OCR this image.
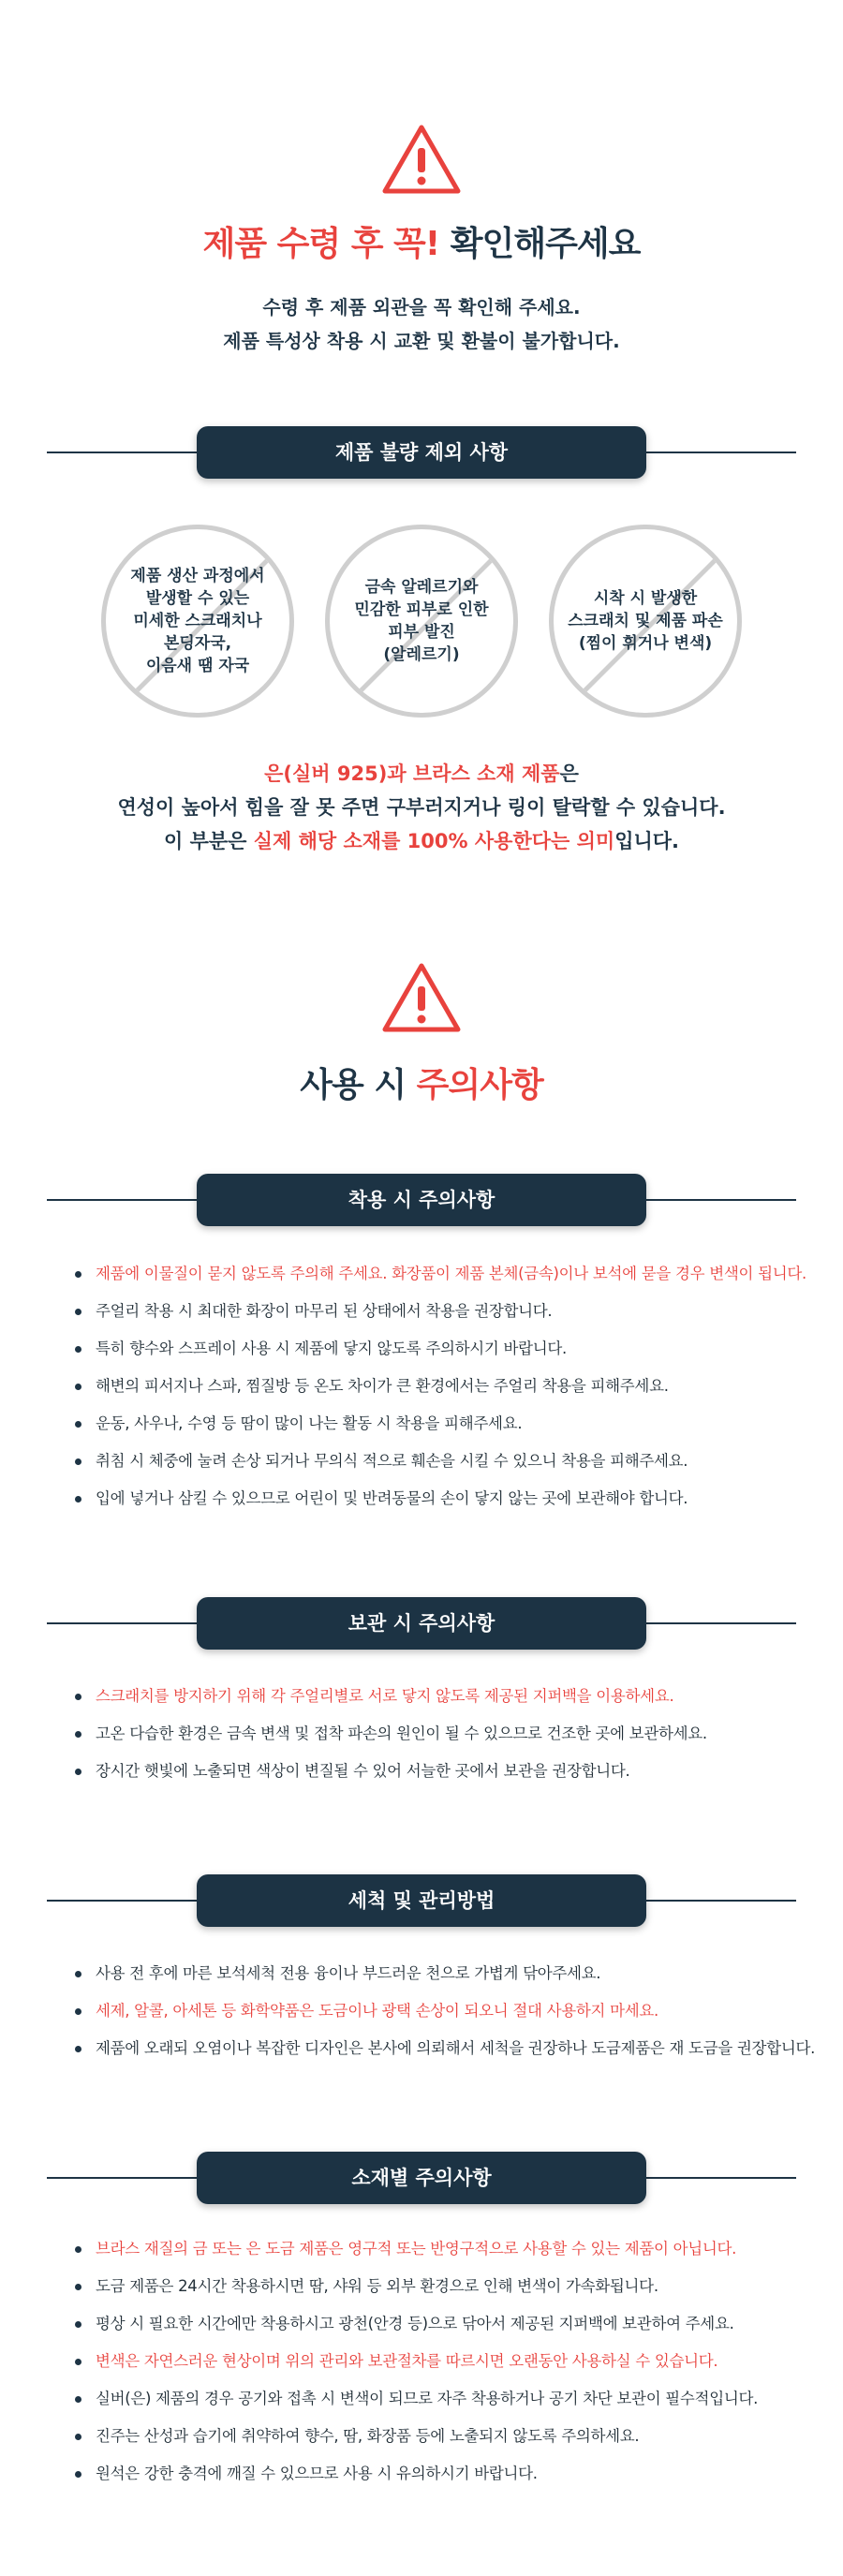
제품 수령 후 꼭! 확인해주세요
수령 후 제품 외관을 꼭 확인해 주세요.
제품 특성상 착용 시 교환 및 환불이 불가합니다.
제품 불량 제외 사항
제품 생산 과정에서
발생할 수 있는
미세한 스크래치나
본딩자국,
이음새 땜 자국
금속 알레르기와
민감한 피부로 인한
피부 발진
(알레르기)
시착 시 발생한
스크래치 및 제품 파손
(찜이 휘거나 변색)
은(실버 925)과 브라스 소재 제품은
연성이 높아서 힘을 잘 못 주면 구부러지거나 링이 탈락할 수 있습니다.
이 부분은 실제 해당 소재를 100% 사용한다는 의미입니다.
사용 시 주의사항
착용 시 주의사항
제품에 이물질이 묻지 않도록 주의해 주세요. 화장품이 제품 본체(금속)이나 보석에 묻을 경우 변색이 됩니다.
주얼리 착용 시 최대한 화장이 마무리 된 상태에서 착용을 권장합니다.
특히 향수와 스프레이 사용 시 제품에 닿지 않도록 주의하시기 바랍니다.
해변의 피서지나 스파, 찜질방 등 온도 차이가 큰 환경에서는 주얼리 착용을 피해주세요.
운동, 사우나, 수영 등 땀이 많이 나는 활동 시 착용을 피해주세요.
취침 시 체중에 눌려 손상 되거나 무의식 적으로 훼손을 시킬 수 있으니 착용을 피해주세요.
입에 넣거나 삼킬 수 있으므로 어린이 및 반려동물의 손이 닿지 않는 곳에 보관해야 합니다.
보관 시 주의사항
스크래치를 방지하기 위해 각 주얼리별로 서로 닿지 않도록 제공된 지퍼백을 이용하세요.
고온 다습한 환경은 금속 변색 및 접착 파손의 원인이 될 수 있으므로 건조한 곳에 보관하세요.
장시간 햇빛에 노출되면 색상이 변질될 수 있어 서늘한 곳에서 보관을 권장합니다.
세척 및 관리방법
사용 전 후에 마른 보석세척 전용 융이나 부드러운 천으로 가볍게 닦아주세요.
세제, 알콜, 아세톤 등 화학약품은 도금이나 광택 손상이 되오니 절대 사용하지 마세요.
제품에 오래되 오염이나 복잡한 디자인은 본사에 의뢰해서 세척을 권장하나 도금제품은 재 도금을 권장합니다.
소재별 주의사항
브라스 재질의 금 또는 은 도금 제품은 영구적 또는 반영구적으로 사용할 수 있는 제품이 아닙니다.
도금 제품은 24시간 착용하시면 땀, 샤워 등 외부 환경으로 인해 변색이 가속화됩니다.
평상 시 필요한 시간에만 착용하시고 광천(안경 등)으로 닦아서 제공된 지퍼백에 보관하여 주세요.
변색은 자연스러운 현상이며 위의 관리와 보관절차를 따르시면 오랜동안 사용하실 수 있습니다.
실버(은) 제품의 경우 공기와 접촉 시 변색이 되므로 자주 착용하거나 공기 차단 보관이 필수적입니다.
진주는 산성과 습기에 취약하여 향수, 땀, 화장품 등에 노출되지 않도록 주의하세요.
원석은 강한 충격에 깨질 수 있으므로 사용 시 유의하시기 바랍니다.
